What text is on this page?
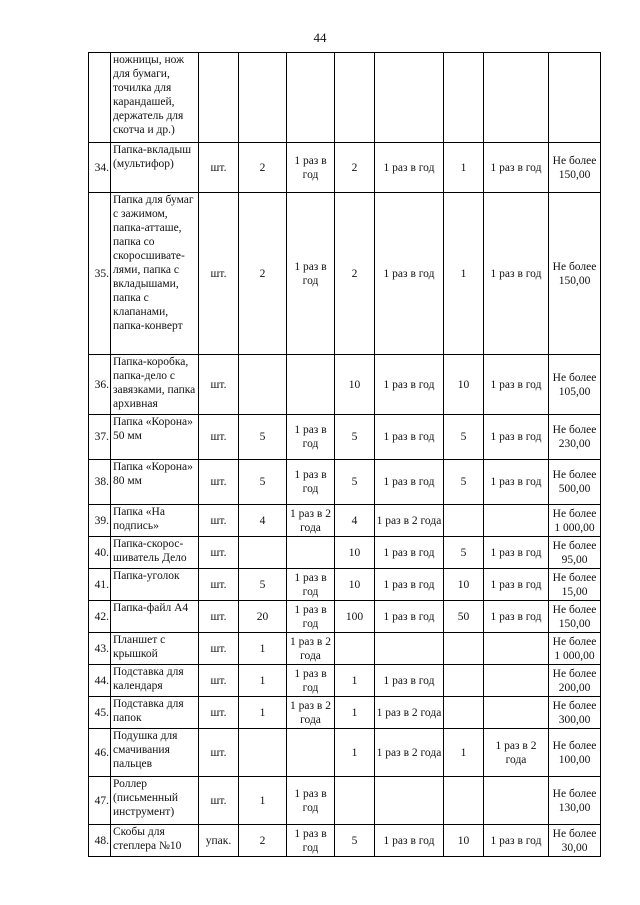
44
	ножницы, нож для бумаги, точилка для карандашей, держатель для скотча и др.)								
34.	Папка-вкладыш (мультифор)	шт.	2	1 раз в год	2	1 раз в год	1	1 раз в год	Не более 150,00
35.	Папка для бумаг с зажимом, папка-атташе, папка со скоросшивате-лями, папка с вкладышами, папка с клапанами, папка-конверт	шт.	2	1 раз в год	2	1 раз в год	1	1 раз в год	Не более 150,00
36.	Папка-коробка, папка-дело с завязками, папка архивная	шт.			10	1 раз в год	10	1 раз в год	Не более 105,00
37.	Папка «Корона» 50 мм	шт.	5	1 раз в год	5	1 раз в год	5	1 раз в год	Не более 230,00
38.	Папка «Корона» 80 мм	шт.	5	1 раз в год	5	1 раз в год	5	1 раз в год	Не более 500,00
39.	Папка «На подпись»	шт.	4	1 раз в 2 года	4	1 раз в 2 года			Не более 1 000,00
40.	Папка-скорос-шиватель Дело	шт.			10	1 раз в год	5	1 раз в год	Не более 95,00
41.	Папка-уголок	шт.	5	1 раз в год	10	1 раз в год	10	1 раз в год	Не более 15,00
42.	Папка-файл А4	шт.	20	1 раз в год	100	1 раз в год	50	1 раз в год	Не более 150,00
43.	Планшет с крышкой	шт.	1	1 раз в 2 года					Не более 1 000,00
44.	Подставка для календаря	шт.	1	1 раз в год	1	1 раз в год			Не более 200,00
45.	Подставка для папок	шт.	1	1 раз в 2 года	1	1 раз в 2 года			Не более 300,00
46.	Подушка для смачивания пальцев	шт.			1	1 раз в 2 года	1	1 раз в 2 года	Не более 100,00
47.	Роллер (письменный инструмент)	шт.	1	1 раз в год					Не более 130,00
48.	Скобы для степлера №10	упак.	2	1 раз в год	5	1 раз в год	10	1 раз в год	Не более 30,00
